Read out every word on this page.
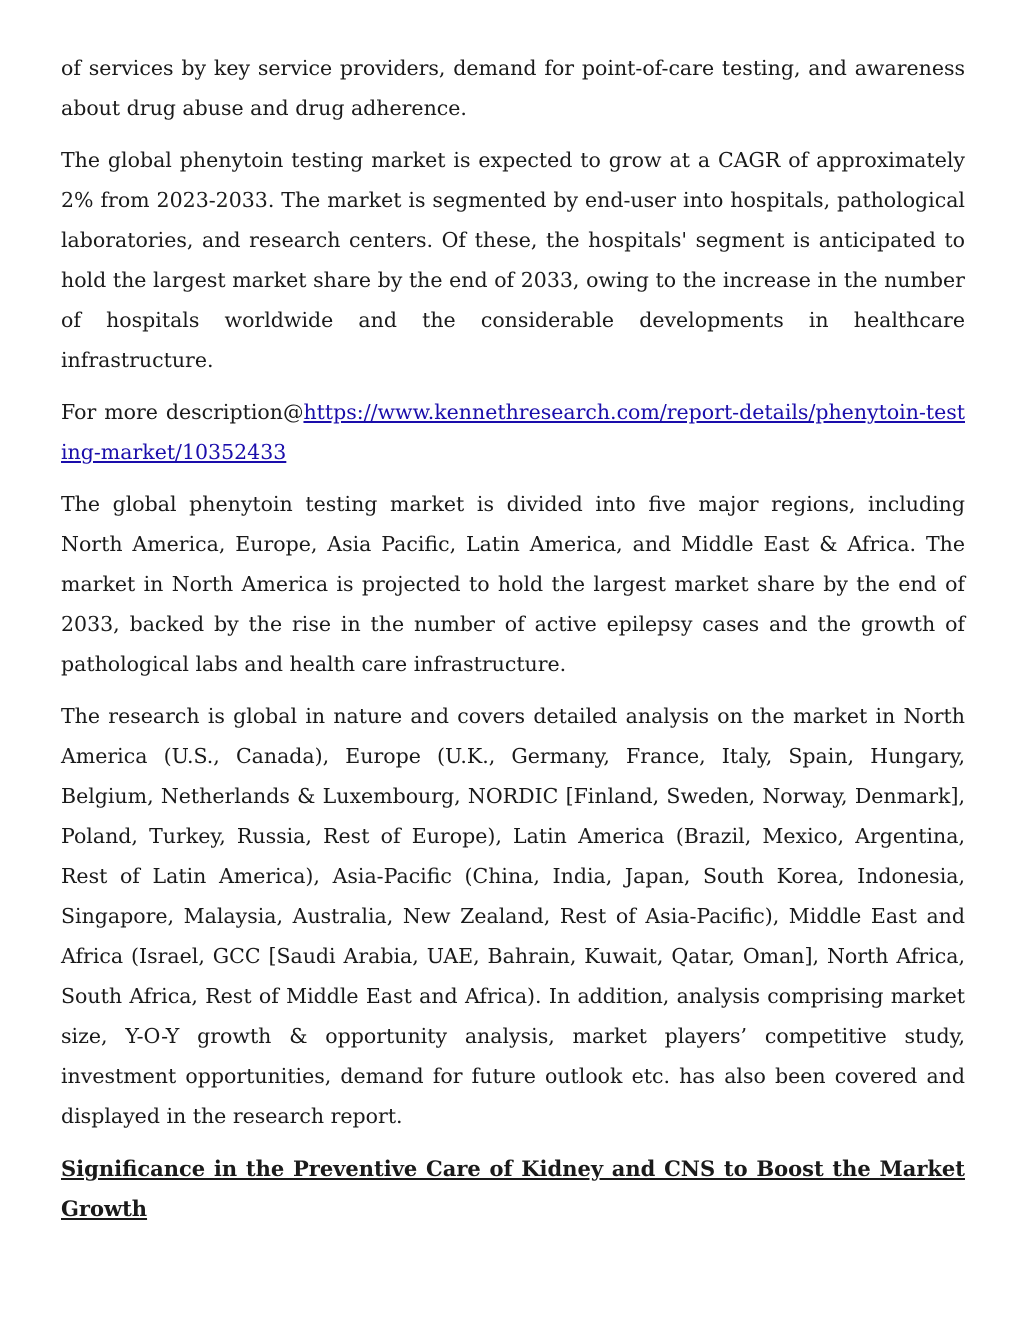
of services by key service providers, demand for point-of-care testing, and awareness about drug abuse and drug adherence.

The global phenytoin testing market is expected to grow at a CAGR of approximately 2% from 2023-2033. The market is segmented by end-user into hospitals, pathological laboratories, and research centers. Of these, the hospitals' segment is anticipated to hold the largest market share by the end of 2033, owing to the increase in the number of hospitals worldwide and the considerable developments in healthcare infrastructure.

For more description@https://www.kennethresearch.com/report-details/phenytoin-testing-market/10352433

The global phenytoin testing market is divided into five major regions, including North America, Europe, Asia Pacific, Latin America, and Middle East & Africa. The market in North America is projected to hold the largest market share by the end of 2033, backed by the rise in the number of active epilepsy cases and the growth of pathological labs and health care infrastructure.

The research is global in nature and covers detailed analysis on the market in North America (U.S., Canada), Europe (U.K., Germany, France, Italy, Spain, Hungary, Belgium, Netherlands & Luxembourg, NORDIC [Finland, Sweden, Norway, Denmark], Poland, Turkey, Russia, Rest of Europe), Latin America (Brazil, Mexico, Argentina, Rest of Latin America), Asia-Pacific (China, India, Japan, South Korea, Indonesia, Singapore, Malaysia, Australia, New Zealand, Rest of Asia-Pacific), Middle East and Africa (Israel, GCC [Saudi Arabia, UAE, Bahrain, Kuwait, Qatar, Oman], North Africa, South Africa, Rest of Middle East and Africa). In addition, analysis comprising market size, Y-O-Y growth & opportunity analysis, market players’ competitive study, investment opportunities, demand for future outlook etc. has also been covered and displayed in the research report.

Significance in the Preventive Care of Kidney and CNS to Boost the Market Growth
